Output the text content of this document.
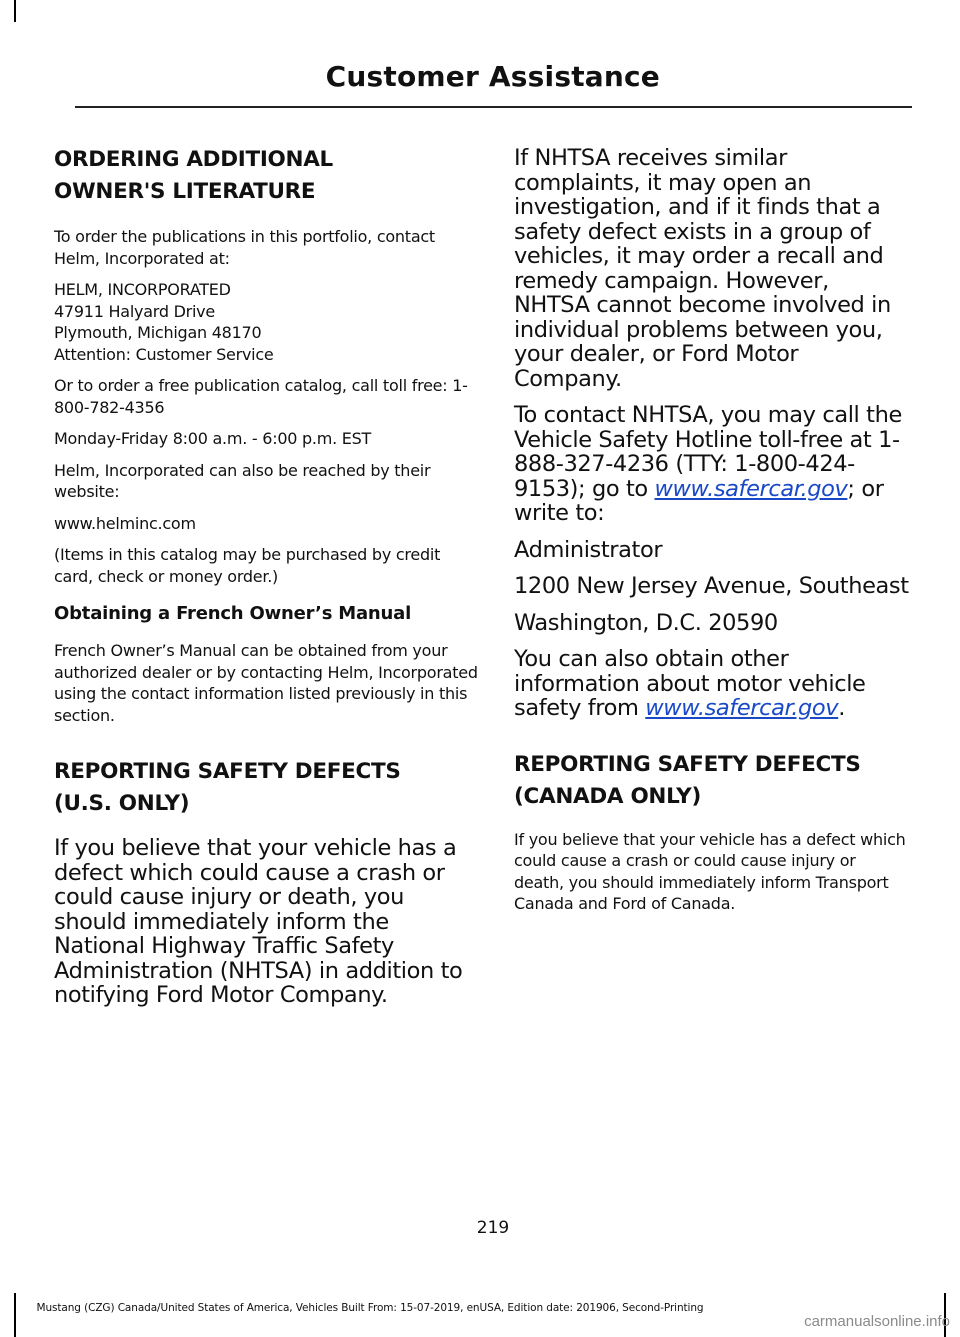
Customer Assistance
ORDERING ADDITIONAL
OWNER'S LITERATURE

To order the publications in this portfolio, contact Helm, Incorporated at:

HELM, INCORPORATED
47911 Halyard Drive
Plymouth, Michigan 48170
Attention: Customer Service

Or to order a free publication catalog, call toll free: 1-800-782-4356

Monday-Friday 8:00 a.m. - 6:00 p.m. EST

Helm, Incorporated can also be reached by their website:

www.helminc.com

(Items in this catalog may be purchased by credit card, check or money order.)

Obtaining a French Owner’s Manual

French Owner’s Manual can be obtained from your authorized dealer or by contacting Helm, Incorporated using the contact information listed previously in this section.

REPORTING SAFETY DEFECTS
(U.S. ONLY)

If you believe that your vehicle has a defect which could cause a crash or could cause injury or death, you should immediately inform the National Highway Traffic Safety Administration (NHTSA) in addition to notifying Ford Motor Company.

If NHTSA receives similar complaints, it may open an investigation, and if it finds that a safety defect exists in a group of vehicles, it may order a recall and remedy campaign. However, NHTSA cannot become involved in individual problems between you, your dealer, or Ford Motor Company.

To contact NHTSA, you may call the Vehicle Safety Hotline toll-free at 1-888-327-4236 (TTY: 1-800-424-9153); go to www.safercar.gov; or write to:

Administrator

1200 New Jersey Avenue, Southeast

Washington, D.C. 20590

You can also obtain other information about motor vehicle safety from www.safercar.gov.

REPORTING SAFETY DEFECTS
(CANADA ONLY)

If you believe that your vehicle has a defect which could cause a crash or could cause injury or death, you should immediately inform Transport Canada and Ford of Canada.

219

Mustang (CZG) Canada/United States of America, Vehicles Built From: 15-07-2019, enUSA, Edition date: 201906, Second-Printing

carmanualsonline.info
